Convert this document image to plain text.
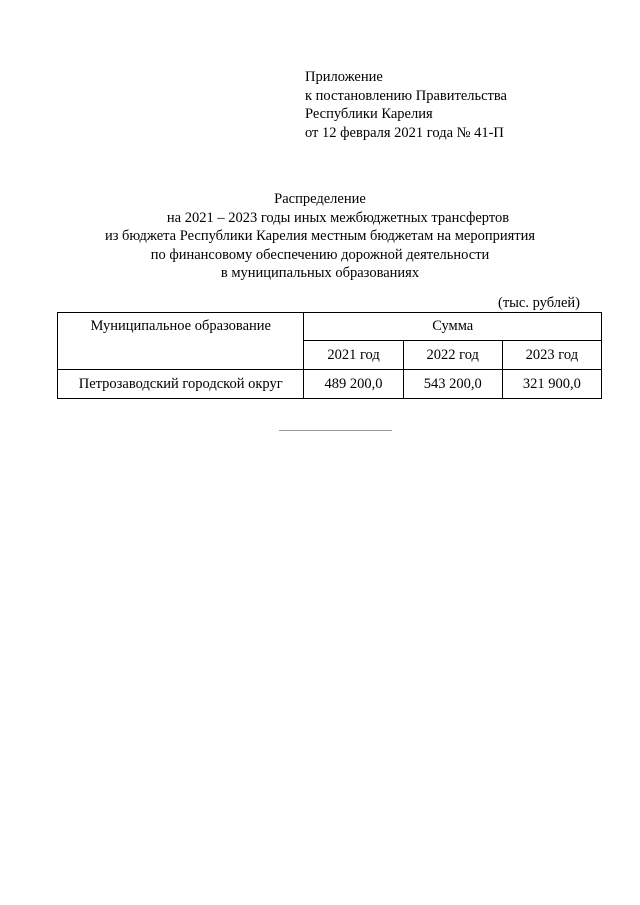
Приложение
к постановлению Правительства
Республики Карелия
от 12 февраля 2021 года № 41-П
Распределение
на 2021 – 2023 годы иных межбюджетных трансфертов
из бюджета Республики Карелия местным бюджетам на мероприятия
по финансовому обеспечению дорожной деятельности
в муниципальных образованиях
(тыс. рублей)
Муниципальное образование	Сумма		
	2021 год	2022 год	2023 год
Петрозаводский городской округ	489 200,0	543 200,0	321 900,0
